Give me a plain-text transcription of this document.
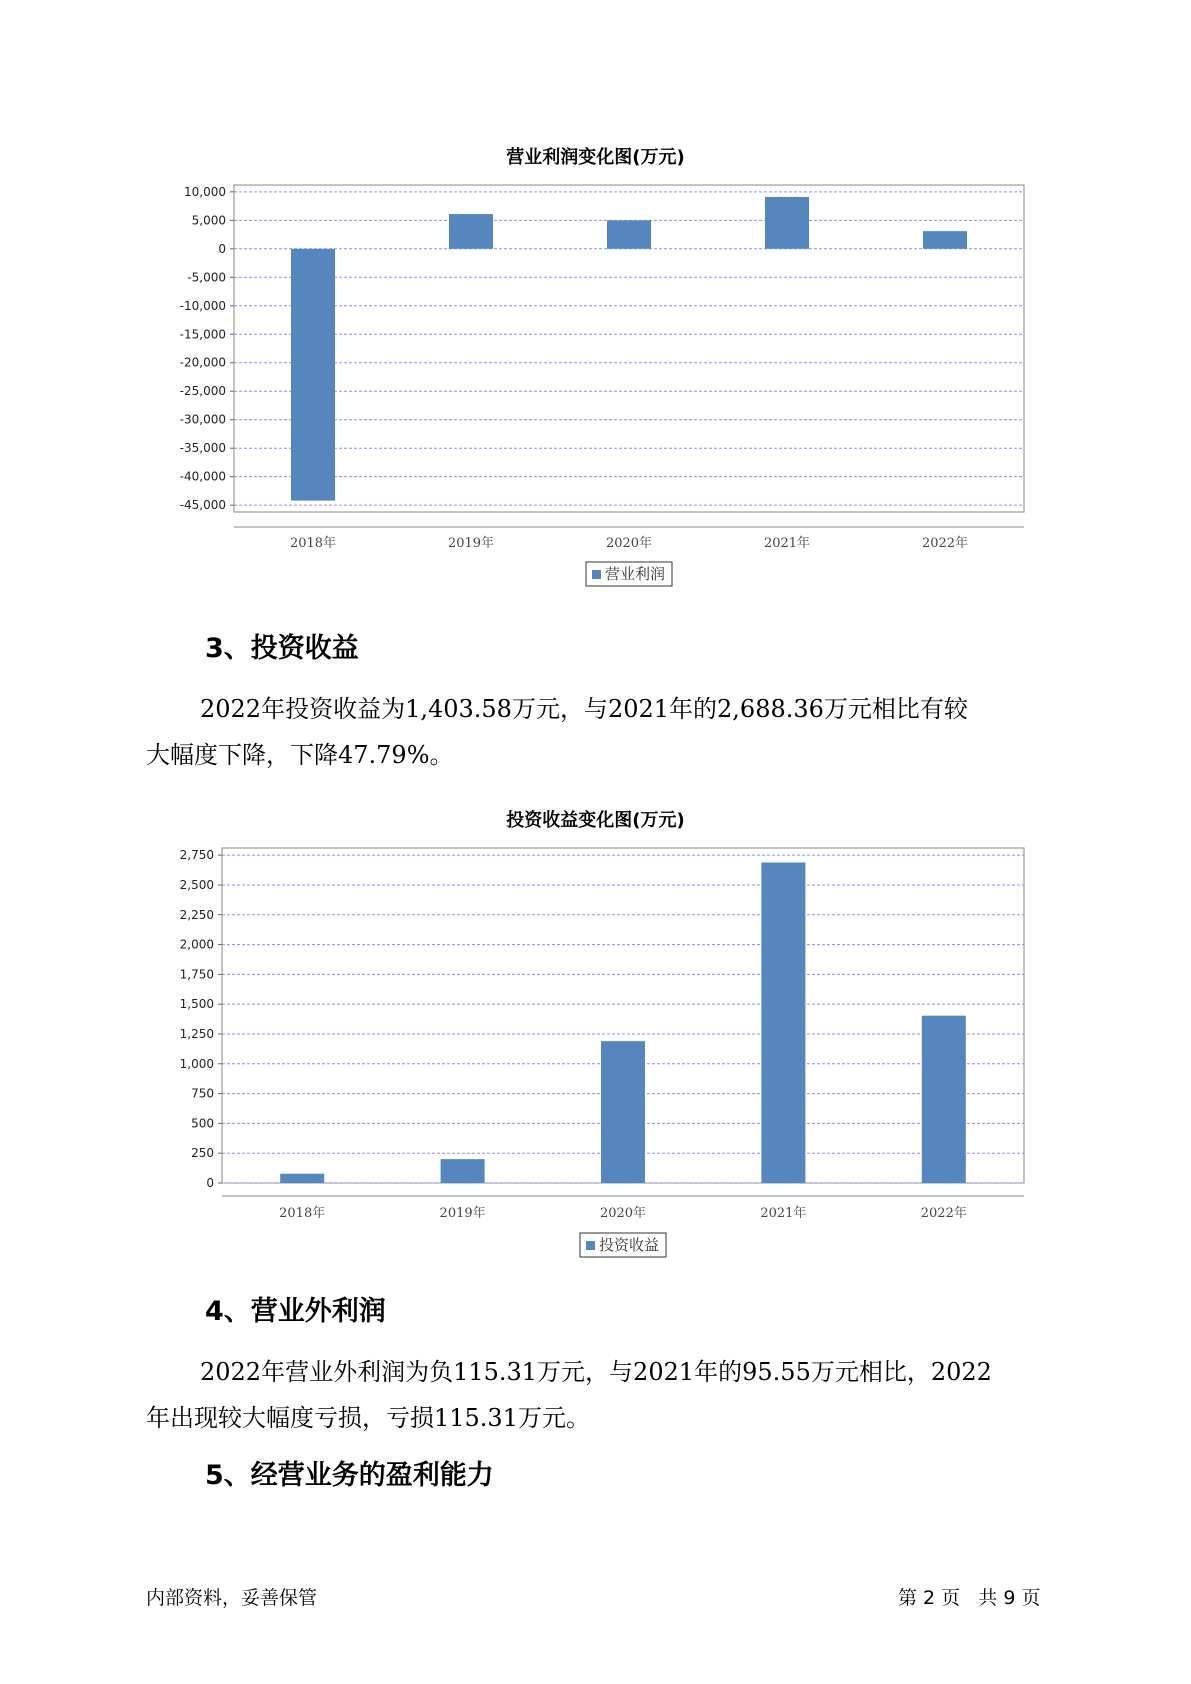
营业利润变化图(万元)
10,000
5,000
0
-5,000
-10,000
-15,000
-20,000
-25,000
-30,000
-35,000
-40,000
-45,000
2018年	2019年	2020年	2021年	2022年
营业利润
3、投资收益
2022年投资收益为1,403.58万元，与2021年的2,688.36万元相比有较
大幅度下降，下降47.79%。
投资收益变化图(万元)
2,750
2,500
2,250
2,000
1,750
1,500
1,250
1,000
750
500
250
0
2018年	2019年	2020年	2021年	2022年
投资收益
4、营业外利润
2022年营业外利润为负115.31万元，与2021年的95.55万元相比，2022
年出现较大幅度亏损，亏损115.31万元。
5、经营业务的盈利能力
内部资料，妥善保管	第 2 页   共 9 页
